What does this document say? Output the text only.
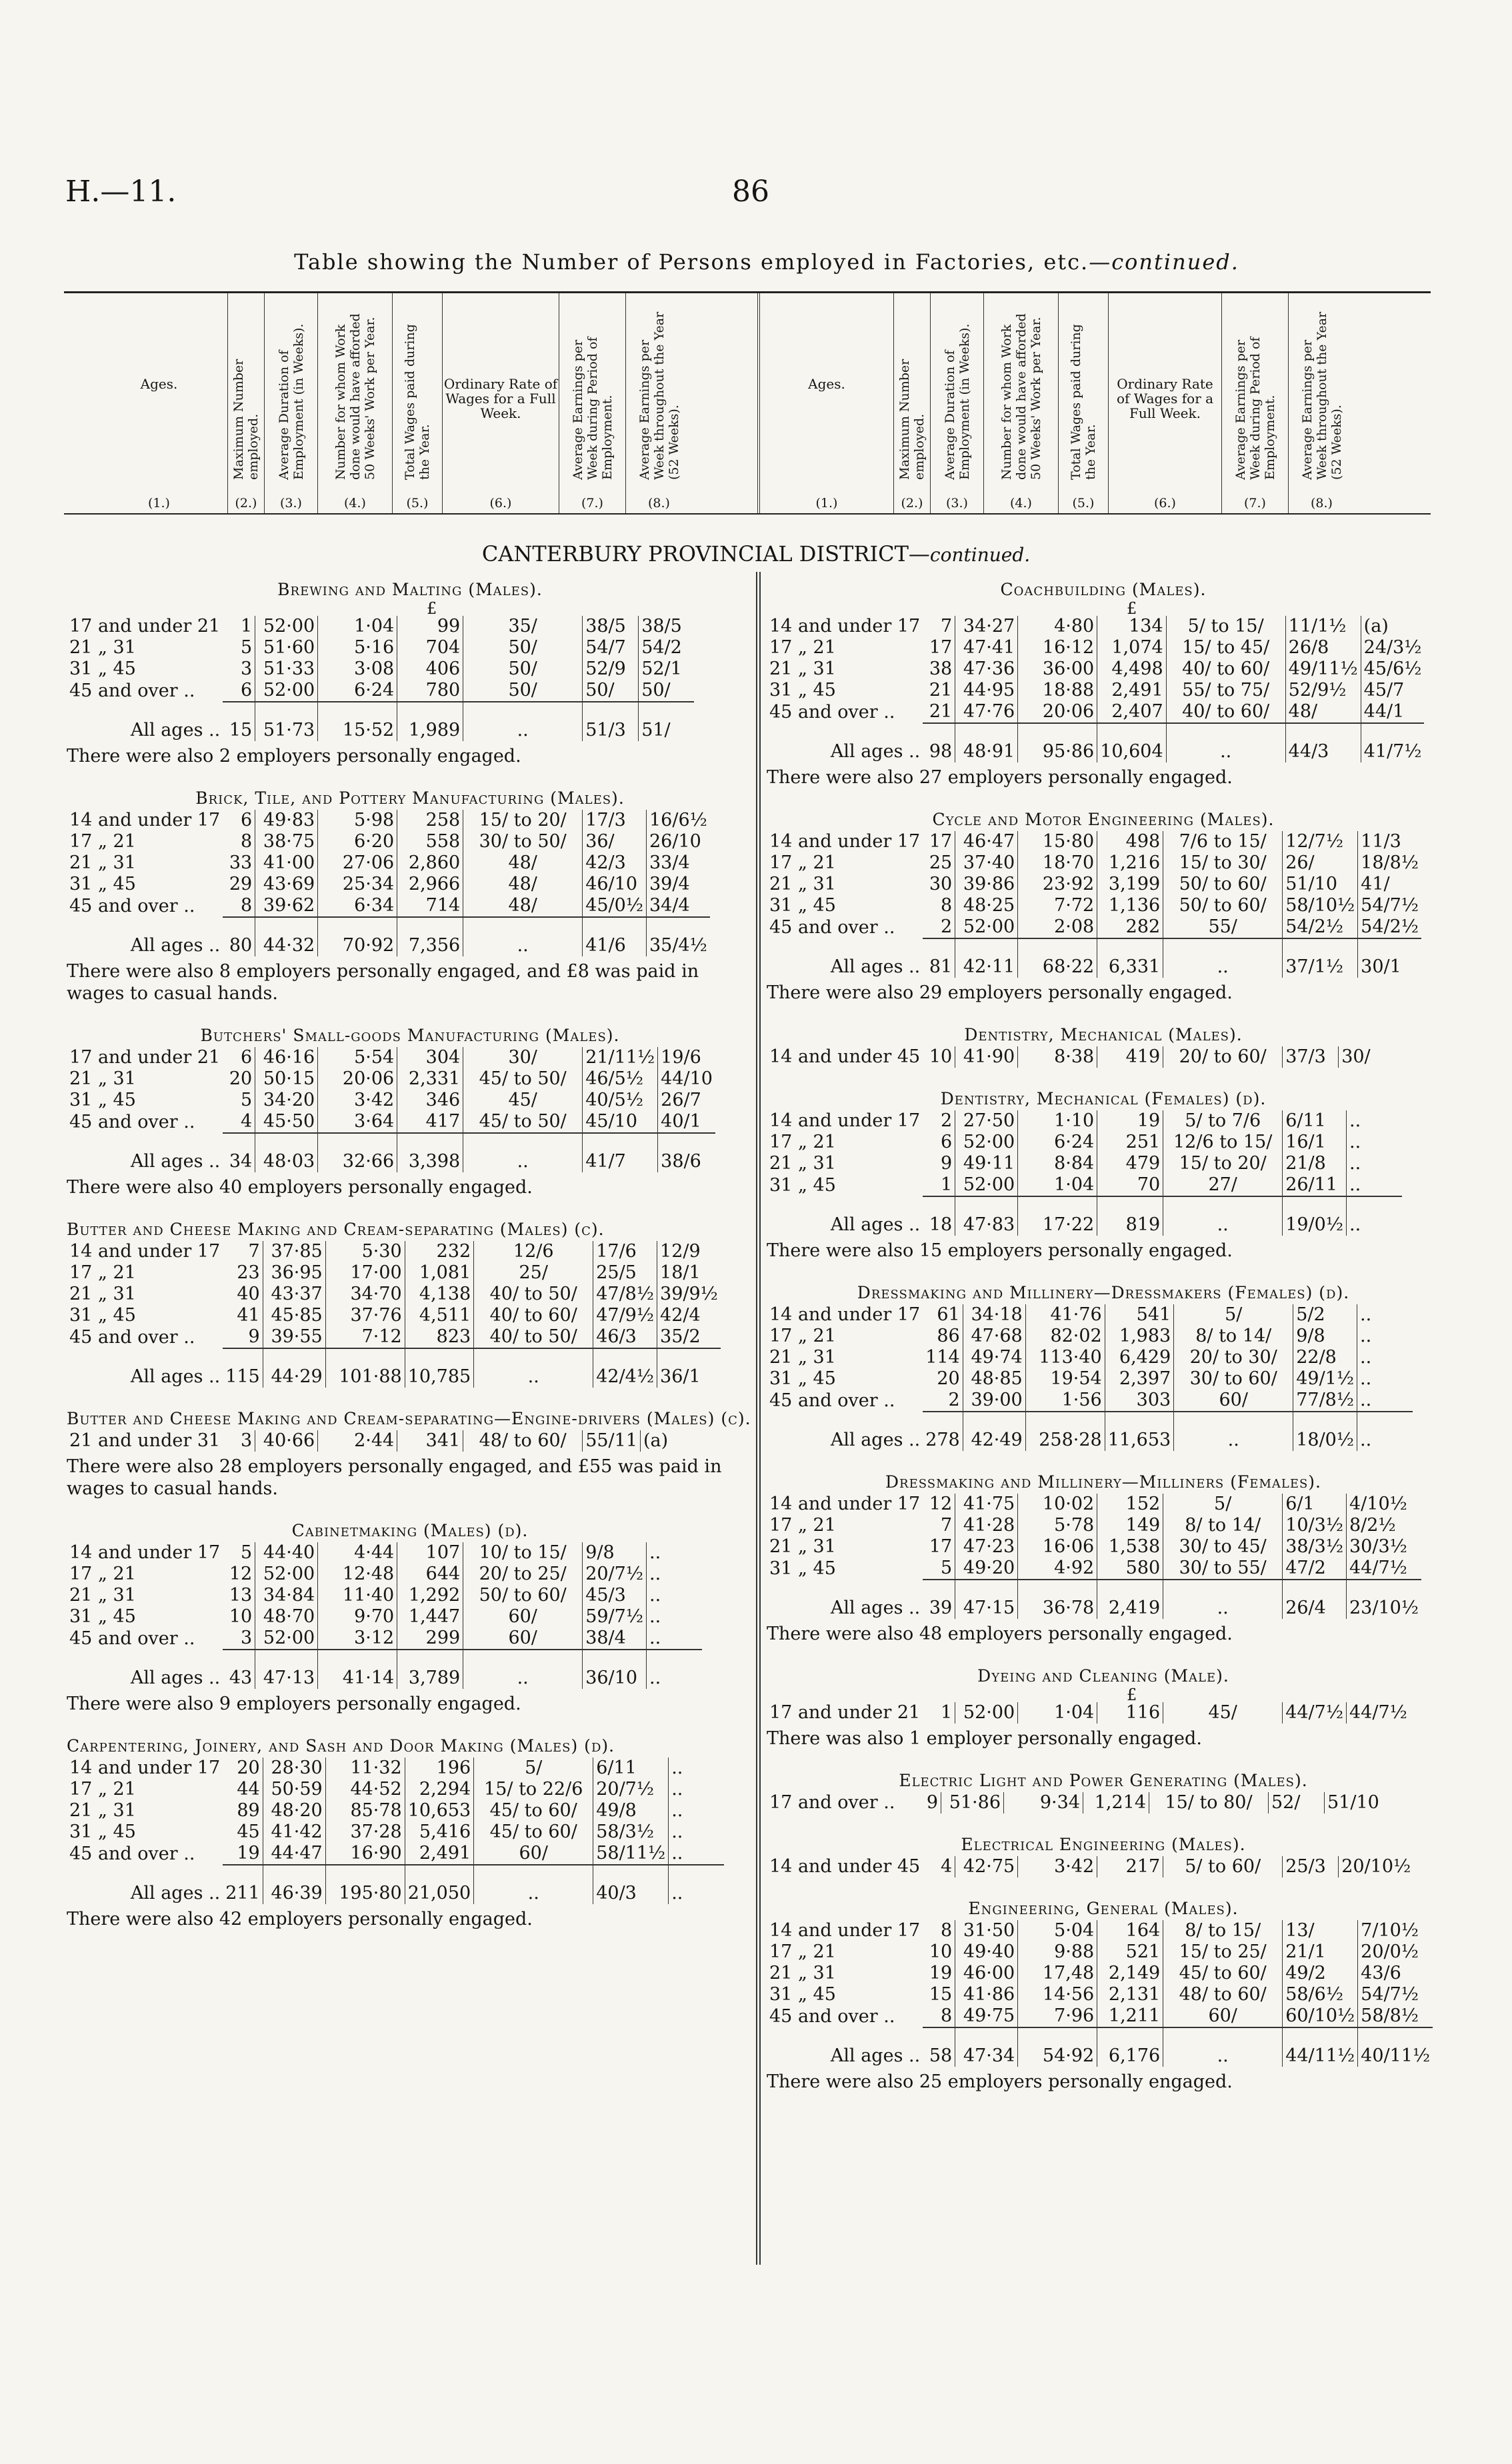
H.—11.	86
Table showing the Number of Persons employed in Factories, etc.—continued.
Ages.
(1.)
Maximum Number employed.
(2.)
Average Duration of Employment (in Weeks).
(3.)
Number for whom Work done would have afforded 50 Weeks' Work per Year.
(4.)
Total Wages paid during the Year.
(5.)
Ordinary Rate of Wages for a Full Week.
(6.)
Average Earnings per Week during Period of Employment.
(7.)
Average Earnings per Week throughout the Year (52 Weeks).
(8.)
Ages.
(1.)
Maximum Number employed.
(2.)
Average Duration of Employment (in Weeks).
(3.)
Number for whom Work done would have afforded 50 Weeks' Work per Year.
(4.)
Total Wages paid during the Year.
(5.)
Ordinary Rate of Wages for a Full Week.
(6.)
Average Earnings per Week during Period of Employment.
(7.)
Average Earnings per Week throughout the Year (52 Weeks).
(8.)
CANTERBURY PROVINCIAL DISTRICT—continued.
Brewing and Malting (Males).
£
17 and under 21	1	52·00	1·04	99	35/	38/5	38/5
21 „ 31	5	51·60	5·16	704	50/	54/7	54/2
31 „ 45	3	51·33	3·08	406	50/	52/9	52/1
45 and over ..	6	52·00	6·24	780	50/	50/	50/
All ages ..	15	51·73	15·52	1,989	..	51/3	51/
There were also 2 employers personally engaged.
Brick, Tile, and Pottery Manufacturing (Males).
14 and under 17	6	49·83	5·98	258	15/ to 20/	17/3	16/6½
17 „ 21	8	38·75	6·20	558	30/ to 50/	36/	26/10
21 „ 31	33	41·00	27·06	2,860	48/	42/3	33/4
31 „ 45	29	43·69	25·34	2,966	48/	46/10	39/4
45 and over ..	8	39·62	6·34	714	48/	45/0½	34/4
All ages ..	80	44·32	70·92	7,356	..	41/6	35/4½
There were also 8 employers personally engaged, and £8 was paid in wages to casual hands.
Butchers' Small-goods Manufacturing (Males).
17 and under 21	6	46·16	5·54	304	30/	21/11½	19/6
21 „ 31	20	50·15	20·06	2,331	45/ to 50/	46/5½	44/10
31 „ 45	5	34·20	3·42	346	45/	40/5½	26/7
45 and over ..	4	45·50	3·64	417	45/ to 50/	45/10	40/1
All ages ..	34	48·03	32·66	3,398	..	41/7	38/6
There were also 40 employers personally engaged.
Butter and Cheese Making and Cream-separating (Males) (c).
14 and under 17	7	37·85	5·30	232	12/6	17/6	12/9
17 „ 21	23	36·95	17·00	1,081	25/	25/5	18/1
21 „ 31	40	43·37	34·70	4,138	40/ to 50/	47/8½	39/9½
31 „ 45	41	45·85	37·76	4,511	40/ to 60/	47/9½	42/4
45 and over ..	9	39·55	7·12	823	40/ to 50/	46/3	35/2
All ages ..	115	44·29	101·88	10,785	..	42/4½	36/1
Butter and Cheese Making and Cream-separating—Engine-drivers (Males) (c).
21 and under 31	3	40·66	2·44	341	48/ to 60/	55/11	(a)
There were also 28 employers personally engaged, and £55 was paid in wages to casual hands.
Cabinetmaking (Males) (d).
14 and under 17	5	44·40	4·44	107	10/ to 15/	9/8	..
17 „ 21	12	52·00	12·48	644	20/ to 25/	20/7½	..
21 „ 31	13	34·84	11·40	1,292	50/ to 60/	45/3	..
31 „ 45	10	48·70	9·70	1,447	60/	59/7½	..
45 and over ..	3	52·00	3·12	299	60/	38/4	..
All ages ..	43	47·13	41·14	3,789	..	36/10	..
There were also 9 employers personally engaged.
Carpentering, Joinery, and Sash and Door Making (Males) (d).
14 and under 17	20	28·30	11·32	196	5/	6/11	..
17 „ 21	44	50·59	44·52	2,294	15/ to 22/6	20/7½	..
21 „ 31	89	48·20	85·78	10,653	45/ to 60/	49/8	..
31 „ 45	45	41·42	37·28	5,416	45/ to 60/	58/3½	..
45 and over ..	19	44·47	16·90	2,491	60/	58/11½	..
All ages ..	211	46·39	195·80	21,050	..	40/3	..
There were also 42 employers personally engaged.
Coachbuilding (Males).
£
14 and under 17	7	34·27	4·80	134	5/ to 15/	11/1½	(a)
17 „ 21	17	47·41	16·12	1,074	15/ to 45/	26/8	24/3½
21 „ 31	38	47·36	36·00	4,498	40/ to 60/	49/11½	45/6½
31 „ 45	21	44·95	18·88	2,491	55/ to 75/	52/9½	45/7
45 and over ..	21	47·76	20·06	2,407	40/ to 60/	48/	44/1
All ages ..	98	48·91	95·86	10,604	..	44/3	41/7½
There were also 27 employers personally engaged.
Cycle and Motor Engineering (Males).
14 and under 17	17	46·47	15·80	498	7/6 to 15/	12/7½	11/3
17 „ 21	25	37·40	18·70	1,216	15/ to 30/	26/	18/8½
21 „ 31	30	39·86	23·92	3,199	50/ to 60/	51/10	41/
31 „ 45	8	48·25	7·72	1,136	50/ to 60/	58/10½	54/7½
45 and over ..	2	52·00	2·08	282	55/	54/2½	54/2½
All ages ..	81	42·11	68·22	6,331	..	37/1½	30/1
There were also 29 employers personally engaged.
Dentistry, Mechanical (Males).
14 and under 45	10	41·90	8·38	419	20/ to 60/	37/3	30/
Dentistry, Mechanical (Females) (d).
14 and under 17	2	27·50	1·10	19	5/ to 7/6	6/11	..
17 „ 21	6	52·00	6·24	251	12/6 to 15/	16/1	..
21 „ 31	9	49·11	8·84	479	15/ to 20/	21/8	..
31 „ 45	1	52·00	1·04	70	27/	26/11	..
All ages ..	18	47·83	17·22	819	..	19/0½	..
There were also 15 employers personally engaged.
Dressmaking and Millinery—Dressmakers (Females) (d).
14 and under 17	61	34·18	41·76	541	5/	5/2	..
17 „ 21	86	47·68	82·02	1,983	8/ to 14/	9/8	..
21 „ 31	114	49·74	113·40	6,429	20/ to 30/	22/8	..
31 „ 45	20	48·85	19·54	2,397	30/ to 60/	49/1½	..
45 and over ..	2	39·00	1·56	303	60/	77/8½	..
All ages ..	278	42·49	258·28	11,653	..	18/0½	..
Dressmaking and Millinery—Milliners (Females).
14 and under 17	12	41·75	10·02	152	5/	6/1	4/10½
17 „ 21	7	41·28	5·78	149	8/ to 14/	10/3½	8/2½
21 „ 31	17	47·23	16·06	1,538	30/ to 45/	38/3½	30/3½
31 „ 45	5	49·20	4·92	580	30/ to 55/	47/2	44/7½
All ages ..	39	47·15	36·78	2,419	..	26/4	23/10½
There were also 48 employers personally engaged.
Dyeing and Cleaning (Male).
£
17 and under 21	1	52·00	1·04	116	45/	44/7½	44/7½
There was also 1 employer personally engaged.
Electric Light and Power Generating (Males).
17 and over ..	9	51·86	9·34	1,214	15/ to 80/	52/	51/10
Electrical Engineering (Males).
14 and under 45	4	42·75	3·42	217	5/ to 60/	25/3	20/10½
Engineering, General (Males).
14 and under 17	8	31·50	5·04	164	8/ to 15/	13/	7/10½
17 „ 21	10	49·40	9·88	521	15/ to 25/	21/1	20/0½
21 „ 31	19	46·00	17,48	2,149	45/ to 60/	49/2	43/6
31 „ 45	15	41·86	14·56	2,131	48/ to 60/	58/6½	54/7½
45 and over ..	8	49·75	7·96	1,211	60/	60/10½	58/8½
All ages ..	58	47·34	54·92	6,176	..	44/11½	40/11½
There were also 25 employers personally engaged.
